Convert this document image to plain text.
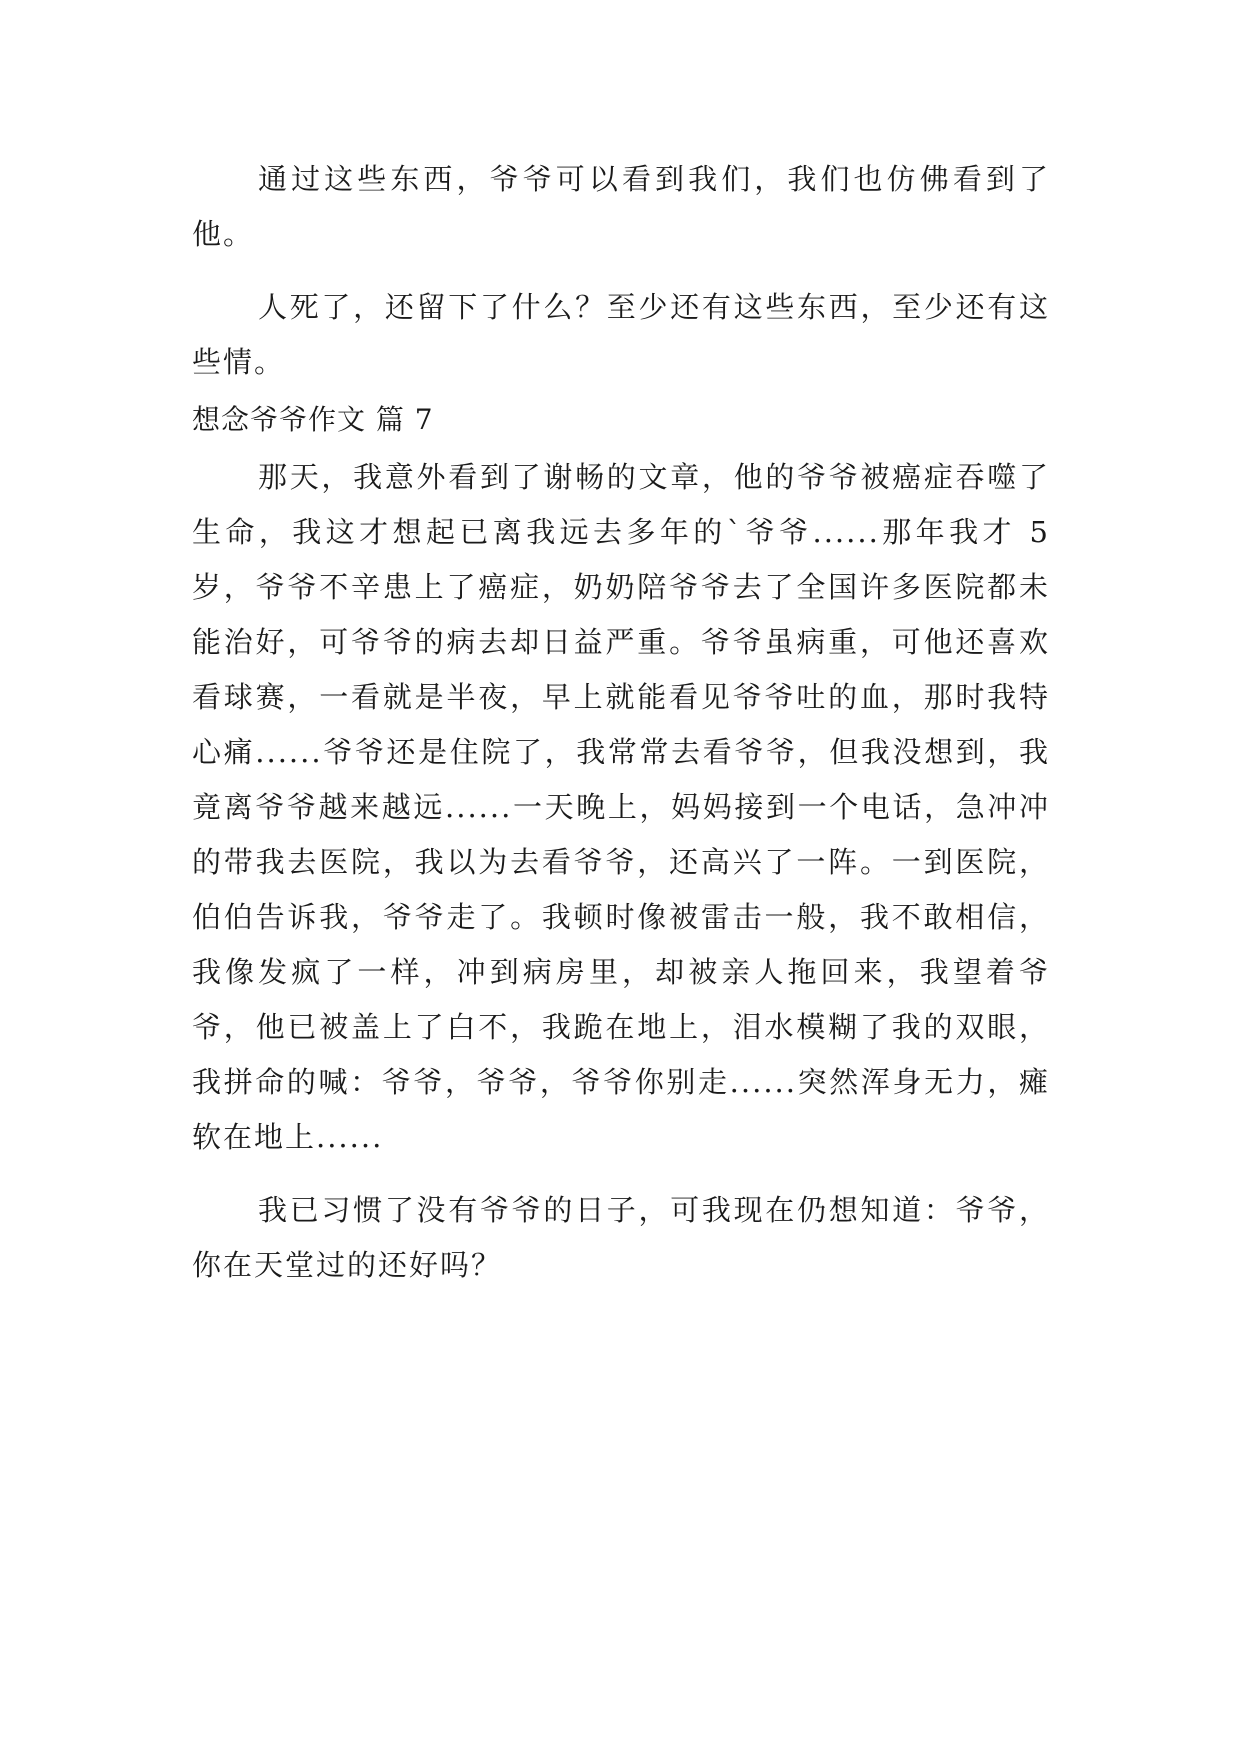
通过这些东西，爷爷可以看到我们，我们也仿佛看到了他。

人死了，还留下了什么？至少还有这些东西，至少还有这些情。

想念爷爷作文 篇 7

那天，我意外看到了谢畅的文章，他的爷爷被癌症吞噬了生命，我这才想起已离我远去多年的`爷爷......那年我才 5 岁，爷爷不辛患上了癌症，奶奶陪爷爷去了全国许多医院都未能治好，可爷爷的病去却日益严重。爷爷虽病重，可他还喜欢看球赛，一看就是半夜，早上就能看见爷爷吐的血，那时我特心痛......爷爷还是住院了，我常常去看爷爷，但我没想到，我竟离爷爷越来越远......一天晚上，妈妈接到一个电话，急冲冲的带我去医院，我以为去看爷爷，还高兴了一阵。一到医院，伯伯告诉我，爷爷走了。我顿时像被雷击一般，我不敢相信，我像发疯了一样，冲到病房里，却被亲人拖回来，我望着爷爷，他已被盖上了白不，我跪在地上，泪水模糊了我的双眼，我拼命的喊：爷爷，爷爷，爷爷你别走......突然浑身无力，瘫软在地上......

我已习惯了没有爷爷的日子，可我现在仍想知道：爷爷，你在天堂过的还好吗？
